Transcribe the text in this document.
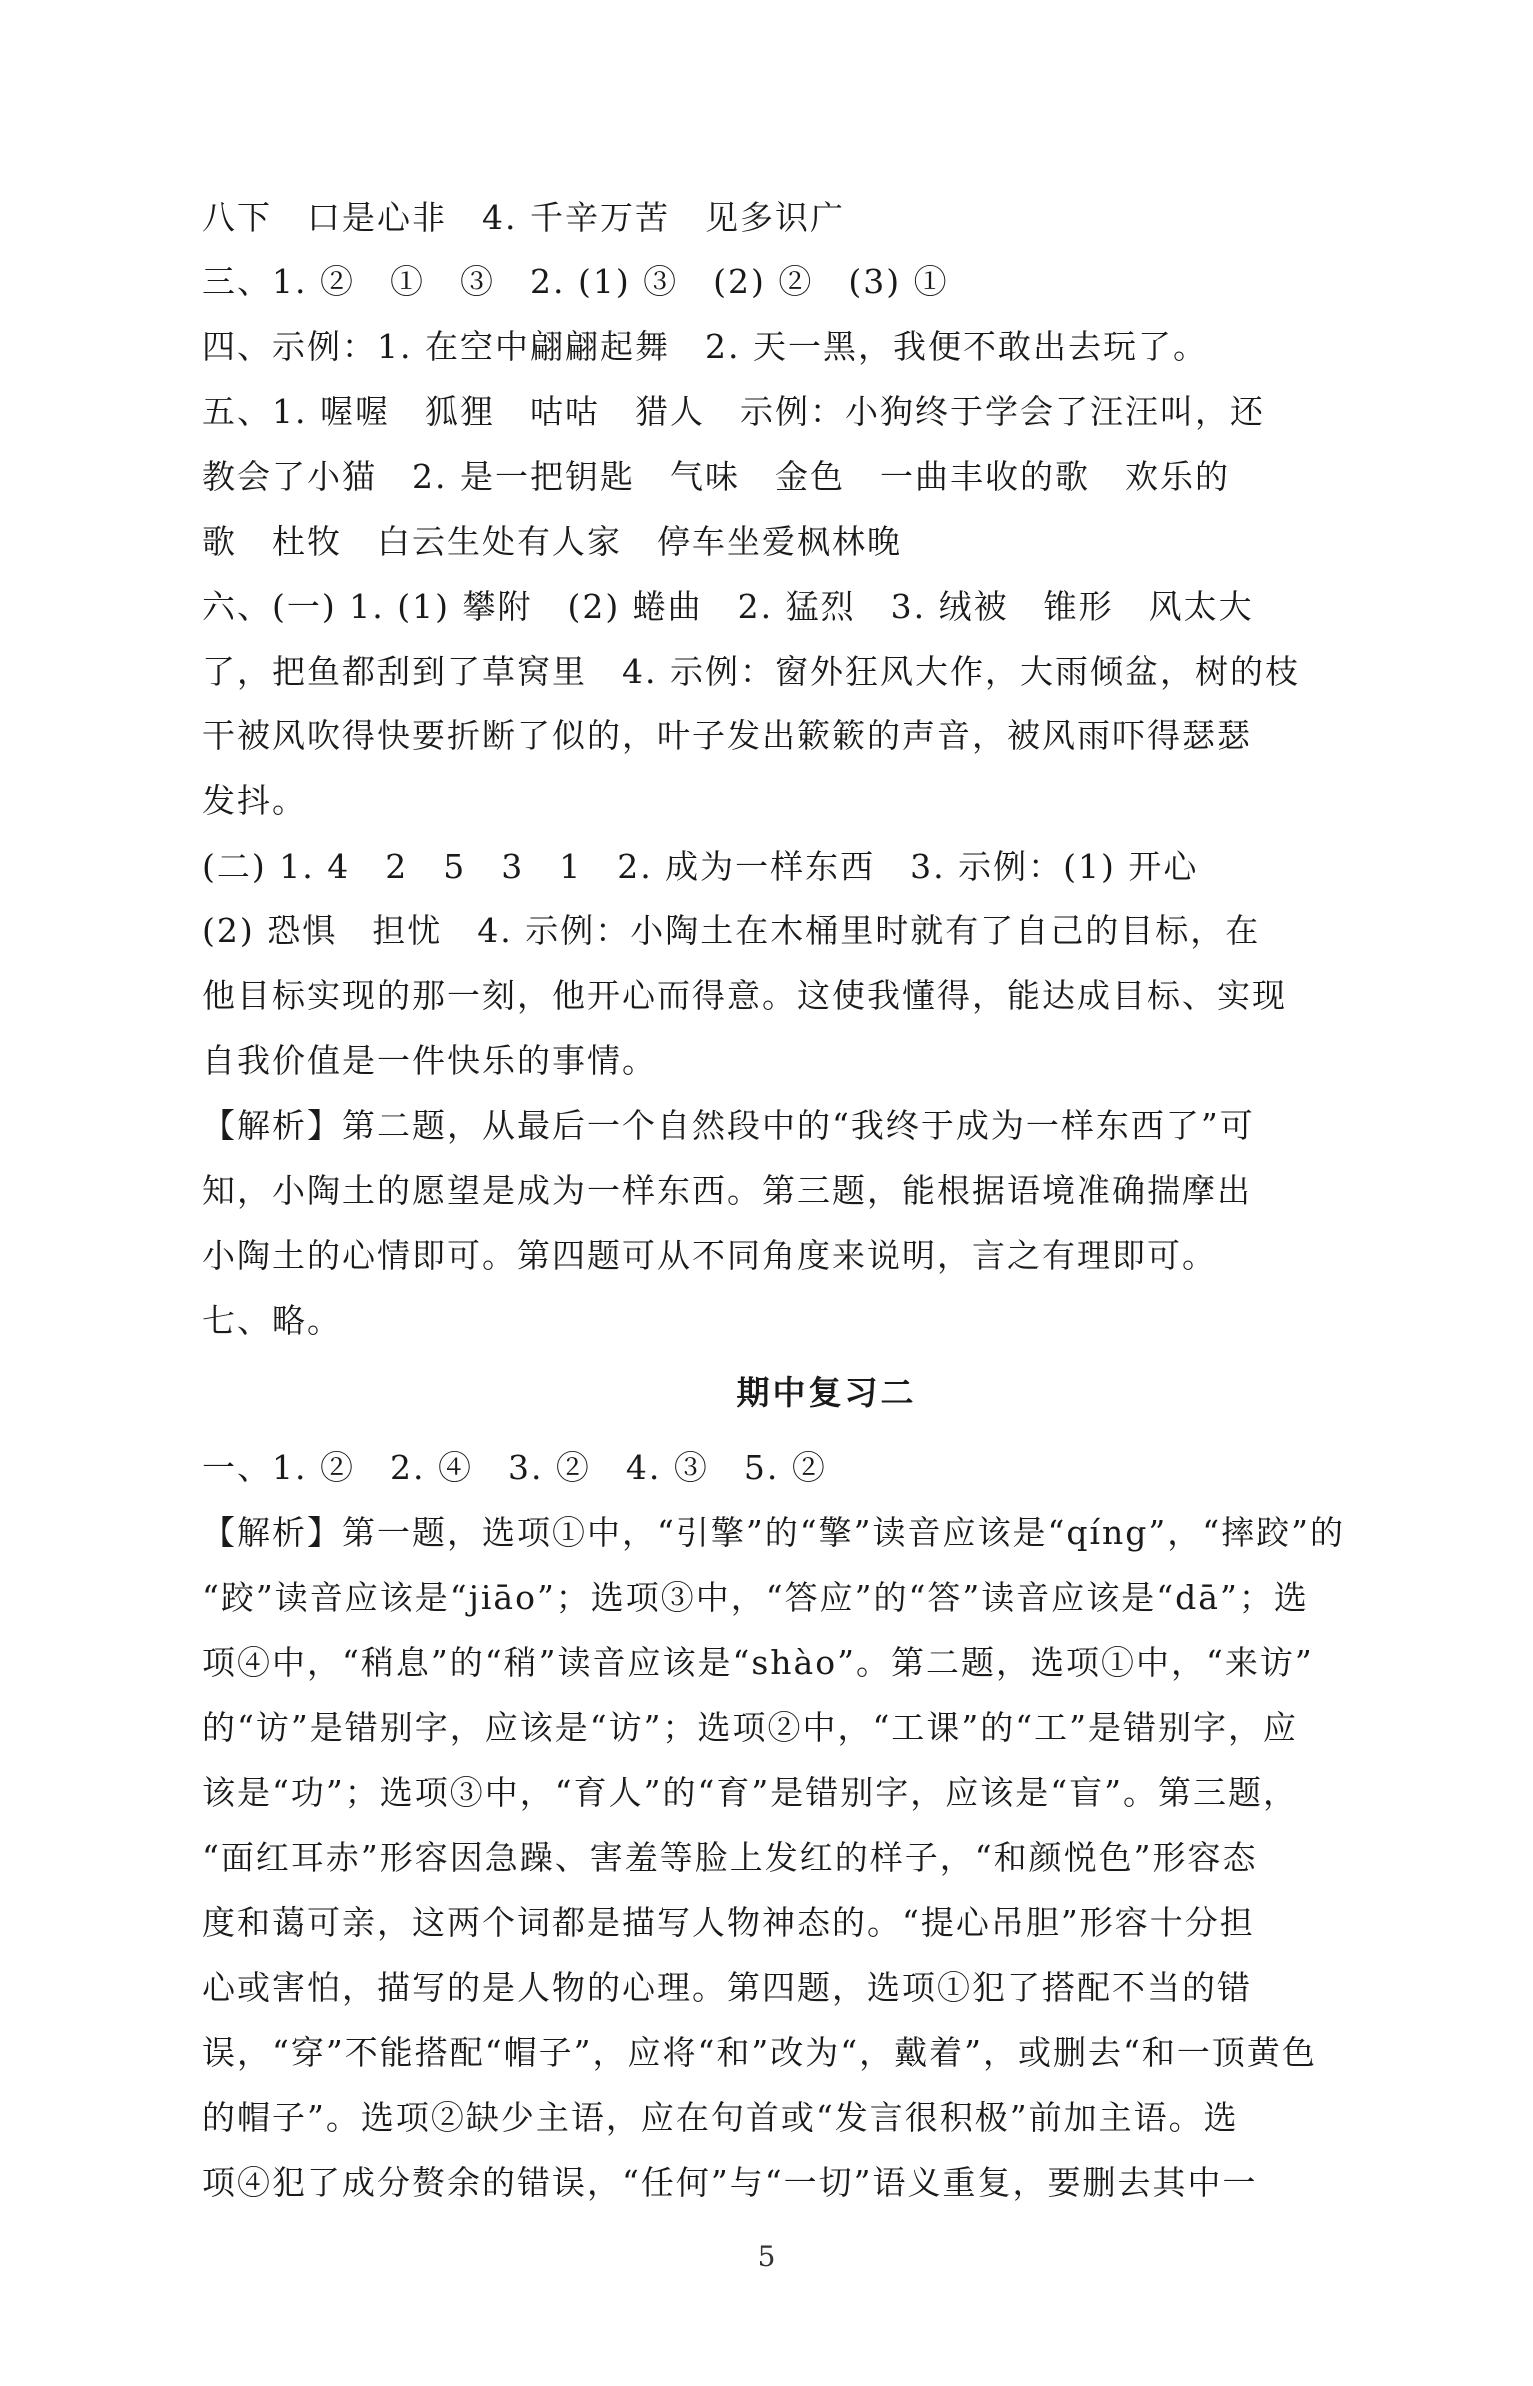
八下　口是心非　4. 千辛万苦　见多识广
三、1. ②　①　③　2. (1) ③　(2) ②　(3) ①
四、示例：1. 在空中翩翩起舞　2. 天一黑，我便不敢出去玩了。
五、1. 喔喔　狐狸　咕咕　猎人　示例：小狗终于学会了汪汪叫，还
教会了小猫　2. 是一把钥匙　气味　金色　一曲丰收的歌　欢乐的
歌　杜牧　白云生处有人家　停车坐爱枫林晚
六、(一) 1. (1) 攀附　(2) 蜷曲　2. 猛烈　3. 绒被　锥形　风太大
了，把鱼都刮到了草窝里　4. 示例：窗外狂风大作，大雨倾盆，树的枝
干被风吹得快要折断了似的，叶子发出簌簌的声音，被风雨吓得瑟瑟
发抖。
(二) 1. 4　2　5　3　1　2. 成为一样东西　3. 示例：(1) 开心
(2) 恐惧　担忧　4. 示例：小陶土在木桶里时就有了自己的目标，在
他目标实现的那一刻，他开心而得意。这使我懂得，能达成目标、实现
自我价值是一件快乐的事情。
【解析】第二题，从最后一个自然段中的“我终于成为一样东西了”可
知，小陶土的愿望是成为一样东西。第三题，能根据语境准确揣摩出
小陶土的心情即可。第四题可从不同角度来说明，言之有理即可。
七、略。
期中复习二
一、1. ②　2. ④　3. ②　4. ③　5. ②
【解析】第一题，选项①中，“引擎”的“擎”读音应该是“qíng”，“摔跤”的
“跤”读音应该是“jiāo”；选项③中，“答应”的“答”读音应该是“dā”；选
项④中，“稍息”的“稍”读音应该是“shào”。第二题，选项①中，“来访”
的“访”是错别字，应该是“访”；选项②中，“工课”的“工”是错别字，应
该是“功”；选项③中，“育人”的“育”是错别字，应该是“盲”。第三题，
“面红耳赤”形容因急躁、害羞等脸上发红的样子，“和颜悦色”形容态
度和蔼可亲，这两个词都是描写人物神态的。“提心吊胆”形容十分担
心或害怕，描写的是人物的心理。第四题，选项①犯了搭配不当的错
误，“穿”不能搭配“帽子”，应将“和”改为“，戴着”，或删去“和一顶黄色
的帽子”。选项②缺少主语，应在句首或“发言很积极”前加主语。选
项④犯了成分赘余的错误，“任何”与“一切”语义重复，要删去其中一
5
